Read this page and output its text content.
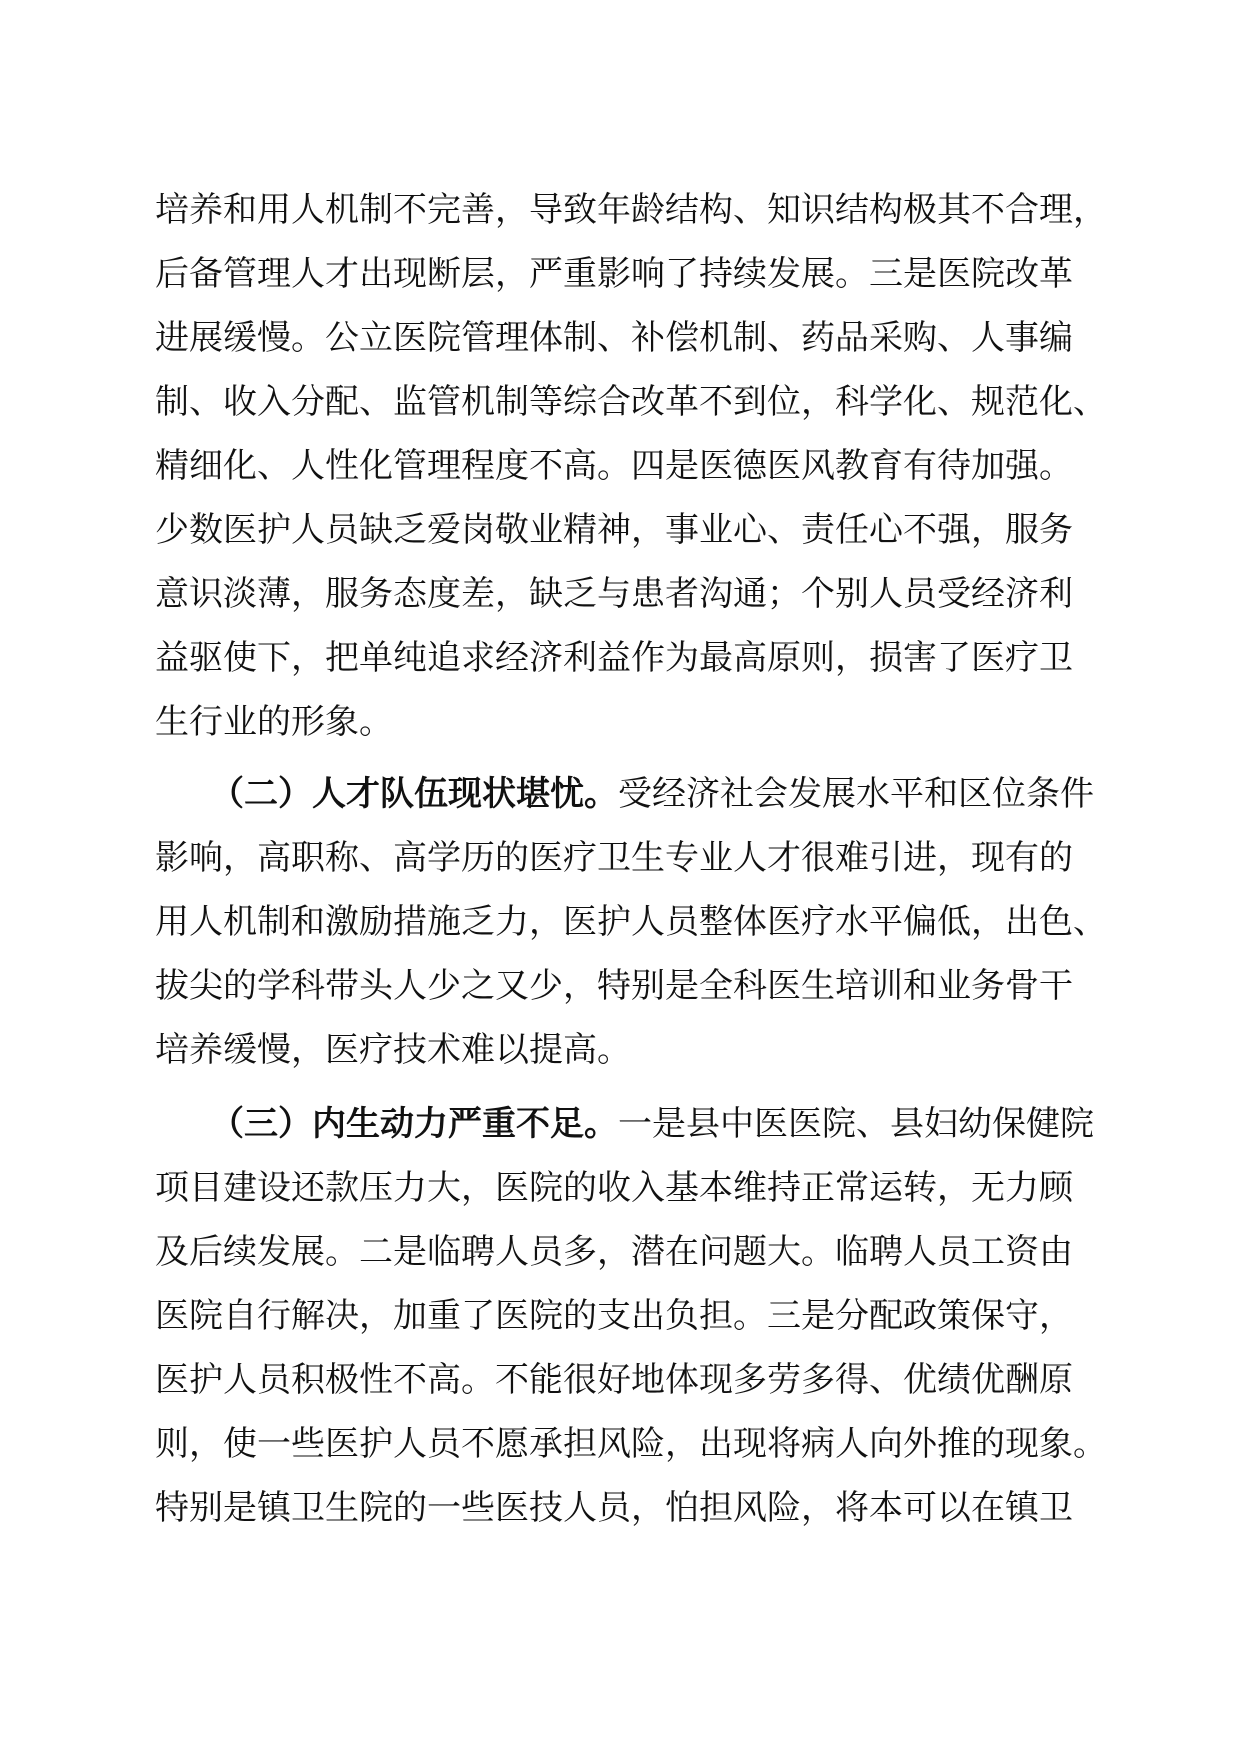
培养和用人机制不完善，导致年龄结构、知识结构极其不合理，
后备管理人才出现断层，严重影响了持续发展。三是医院改革
进展缓慢。公立医院管理体制、补偿机制、药品采购、人事编
制、收入分配、监管机制等综合改革不到位，科学化、规范化、
精细化、人性化管理程度不高。四是医德医风教育有待加强。
少数医护人员缺乏爱岗敬业精神，事业心、责任心不强，服务
意识淡薄，服务态度差，缺乏与患者沟通；个别人员受经济利
益驱使下，把单纯追求经济利益作为最高原则，损害了医疗卫
生行业的形象。
（二）人才队伍现状堪忧。受经济社会发展水平和区位条件
影响，高职称、高学历的医疗卫生专业人才很难引进，现有的
用人机制和激励措施乏力，医护人员整体医疗水平偏低，出色、
拔尖的学科带头人少之又少，特别是全科医生培训和业务骨干
培养缓慢，医疗技术难以提高。
（三）内生动力严重不足。一是县中医医院、县妇幼保健院
项目建设还款压力大，医院的收入基本维持正常运转，无力顾
及后续发展。二是临聘人员多，潜在问题大。临聘人员工资由
医院自行解决，加重了医院的支出负担。三是分配政策保守，
医护人员积极性不高。不能很好地体现多劳多得、优绩优酬原
则，使一些医护人员不愿承担风险，出现将病人向外推的现象。
特别是镇卫生院的一些医技人员，怕担风险，将本可以在镇卫
